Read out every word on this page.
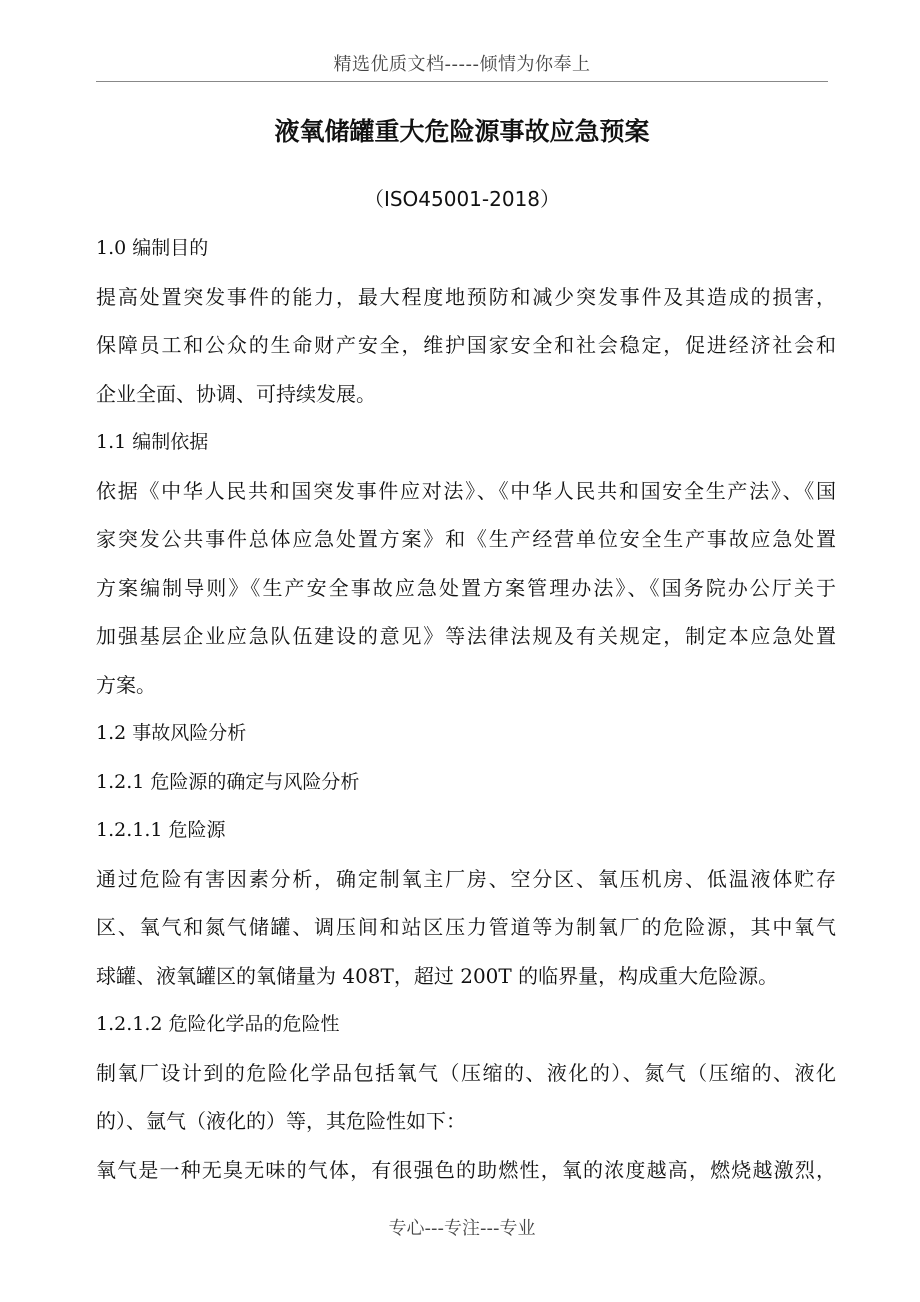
精选优质文档-----倾情为你奉上
液氧储罐重大危险源事故应急预案
（ISO45001-2018）
1.0 编制目的
提高处置突发事件的能力，最大程度地预防和减少突发事件及其造成的损害，
保障员工和公众的生命财产安全，维护国家安全和社会稳定，促进经济社会和
企业全面、协调、可持续发展。
1.1 编制依据
依据《中华人民共和国突发事件应对法》、《中华人民共和国安全生产法》、《国
家突发公共事件总体应急处置方案》和《生产经营单位安全生产事故应急处置
方案编制导则》《生产安全事故应急处置方案管理办法》、《国务院办公厅关于
加强基层企业应急队伍建设的意见》等法律法规及有关规定，制定本应急处置
方案。
1.2 事故风险分析
1.2.1 危险源的确定与风险分析
1.2.1.1 危险源
通过危险有害因素分析，确定制氧主厂房、空分区、氧压机房、低温液体贮存
区、氧气和氮气储罐、调压间和站区压力管道等为制氧厂的危险源，其中氧气
球罐、液氧罐区的氧储量为 408T，超过 200T 的临界量，构成重大危险源。
1.2.1.2 危险化学品的危险性
制氧厂设计到的危险化学品包括氧气（压缩的、液化的）、氮气（压缩的、液化
的）、氩气（液化的）等，其危险性如下：
氧气是一种无臭无味的气体，有很强色的助燃性，氧的浓度越高，燃烧越激烈，
专心---专注---专业
